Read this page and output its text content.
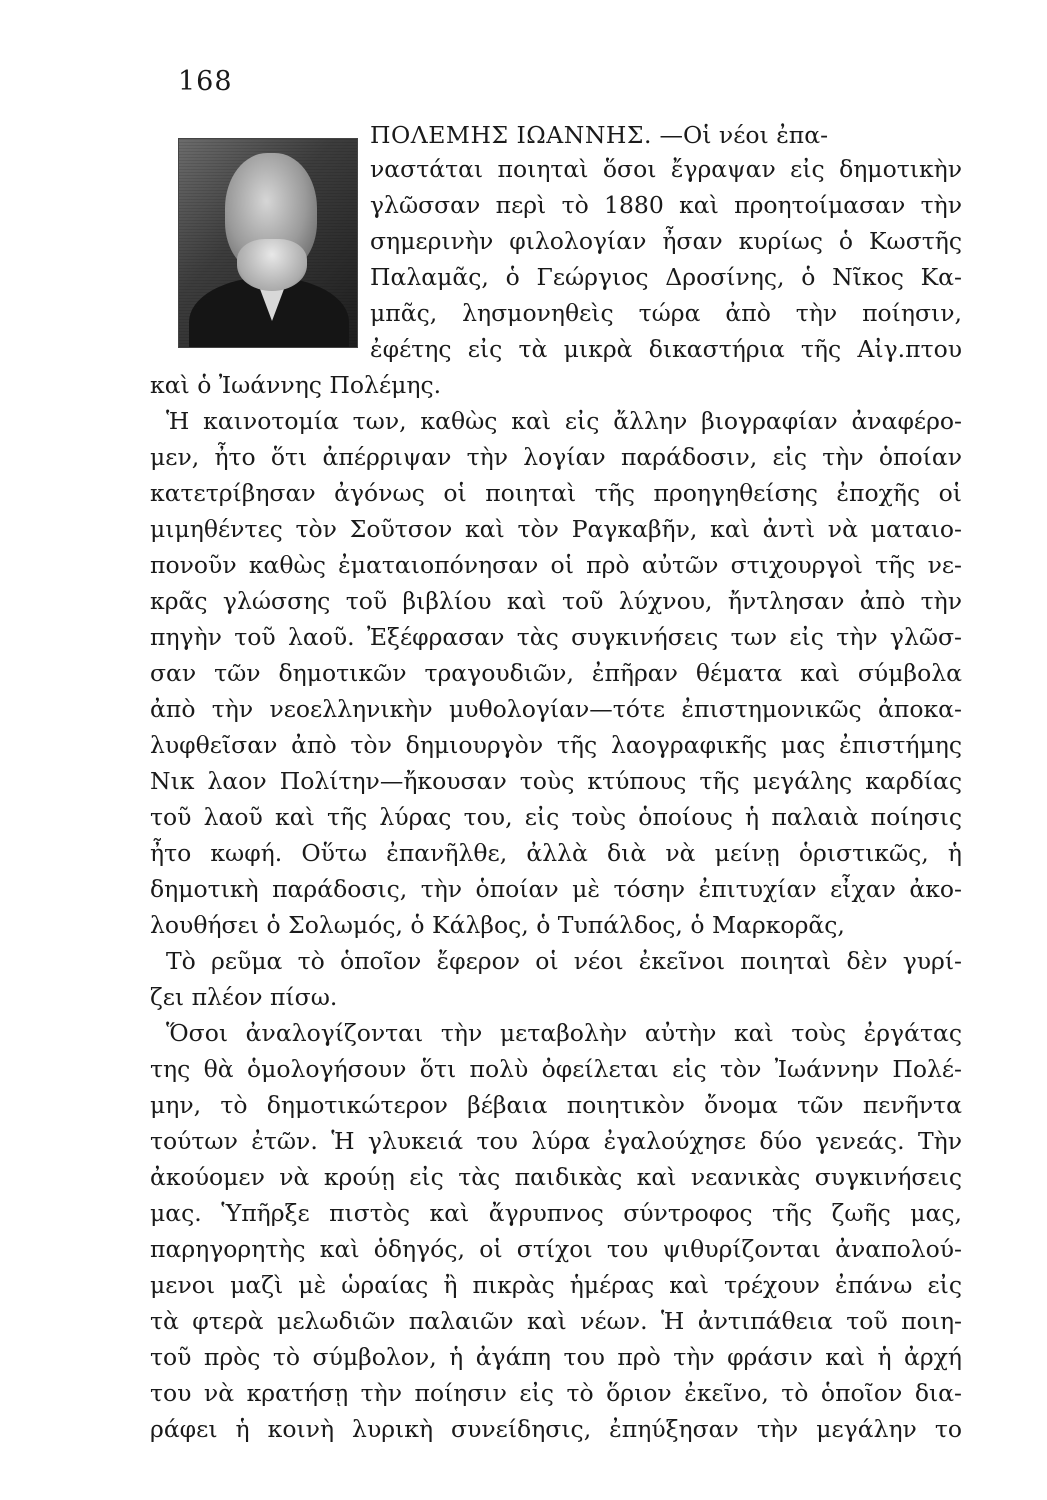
168
ΠΟΛΕΜΗΣ ΙΩΑΝΝΗΣ. —Οἱ νέοι ἐπα-
ναστάται ποιηταὶ ὅσοι ἔγραψαν εἰς δημοτικὴν
γλῶσσαν περὶ τὸ 1880 καὶ προητοίμασαν τὴν
σημερινὴν φιλολογίαν ἦσαν κυρίως ὁ Κωστῆς
Παλαμᾶς, ὁ Γεώργιος Δροσίνης, ὁ Νῖκος Κα-
μπᾶς, λησμονηθεὶς τώρα ἀπὸ τὴν ποίησιν,
ἐφέτης εἰς τὰ μικρὰ δικαστήρια τῆς Αἰγ.πτου
καὶ ὁ Ἰωάννης Πολέμης.
Ἡ καινοτομία των, καθὼς καὶ εἰς ἄλλην βιογραφίαν ἀναφέρο-
μεν, ἦτο ὅτι ἀπέρριψαν τὴν λογίαν παράδοσιν, εἰς τὴν ὁποίαν
κατετρίβησαν ἀγόνως οἱ ποιηταὶ τῆς προηγηθείσης ἐποχῆς οἱ
μιμηθέντες τὸν Σοῦτσον καὶ τὸν Ραγκαβῆν, καὶ ἀντὶ νὰ ματαιο-
πονοῦν καθὼς ἐματαιοπόνησαν οἱ πρὸ αὐτῶν στιχουργοὶ τῆς νε-
κρᾶς γλώσσης τοῦ βιβλίου καὶ τοῦ λύχνου, ἤντλησαν ἀπὸ τὴν
πηγὴν τοῦ λαοῦ. Ἐξέφρασαν τὰς συγκινήσεις των εἰς τὴν γλῶσ-
σαν τῶν δημοτικῶν τραγουδιῶν, ἐπῆραν θέματα καὶ σύμβολα
ἀπὸ τὴν νεοελληνικὴν μυθολογίαν—τότε ἐπιστημονικῶς ἀποκα-
λυφθεῖσαν ἀπὸ τὸν δημιουργὸν τῆς λαογραφικῆς μας ἐπιστήμης
Νικ λαον Πολίτην—ἤκουσαν τοὺς κτύπους τῆς μεγάλης καρδίας
τοῦ λαοῦ καὶ τῆς λύρας του, εἰς τοὺς ὁποίους ἡ παλαιὰ ποίησις
ἦτο κωφή. Οὕτω ἐπανῆλθε, ἀλλὰ διὰ νὰ μείνῃ ὁριστικῶς, ἡ
δημοτικὴ παράδοσις, τὴν ὁποίαν μὲ τόσην ἐπιτυχίαν εἶχαν ἀκο-
λουθήσει ὁ Σολωμός, ὁ Κάλβος, ὁ Τυπάλδος, ὁ Μαρκορᾶς,
Τὸ ρεῦμα τὸ ὁποῖον ἔφερον οἱ νέοι ἐκεῖνοι ποιηταὶ δὲν γυρί-
ζει πλέον πίσω.
Ὅσοι ἀναλογίζονται τὴν μεταβολὴν αὐτὴν καὶ τοὺς ἐργάτας
της θὰ ὁμολογήσουν ὅτι πολὺ ὀφείλεται εἰς τὸν Ἰωάννην Πολέ-
μην, τὸ δημοτικώτερον βέβαια ποιητικὸν ὄνομα τῶν πενῆντα
τούτων ἐτῶν. Ἡ γλυκειά του λύρα ἐγαλούχησε δύο γενεάς. Τὴν
ἀκούομεν νὰ κρούῃ εἰς τὰς παιδικὰς καὶ νεανικὰς συγκινήσεις
μας. Ὑπῆρξε πιστὸς καὶ ἄγρυπνος σύντροφος τῆς ζωῆς μας,
παρηγορητὴς καὶ ὁδηγός, οἱ στίχοι του ψιθυρίζονται ἀναπολού-
μενοι μαζὶ μὲ ὡραίας ἢ πικρὰς ἡμέρας καὶ τρέχουν ἐπάνω εἰς
τὰ φτερὰ μελωδιῶν παλαιῶν καὶ νέων. Ἡ ἀντιπάθεια τοῦ ποιη-
τοῦ πρὸς τὸ σύμβολον, ἡ ἀγάπη του πρὸ τὴν φράσιν καὶ ἡ ἀρχή
του νὰ κρατήσῃ τὴν ποίησιν εἰς τὸ ὅριον ἐκεῖνο, τὸ ὁποῖον δια-
ράφει ἡ κοινὴ λυρικὴ συνείδησις, ἐπηύξησαν τὴν μεγάλην το
